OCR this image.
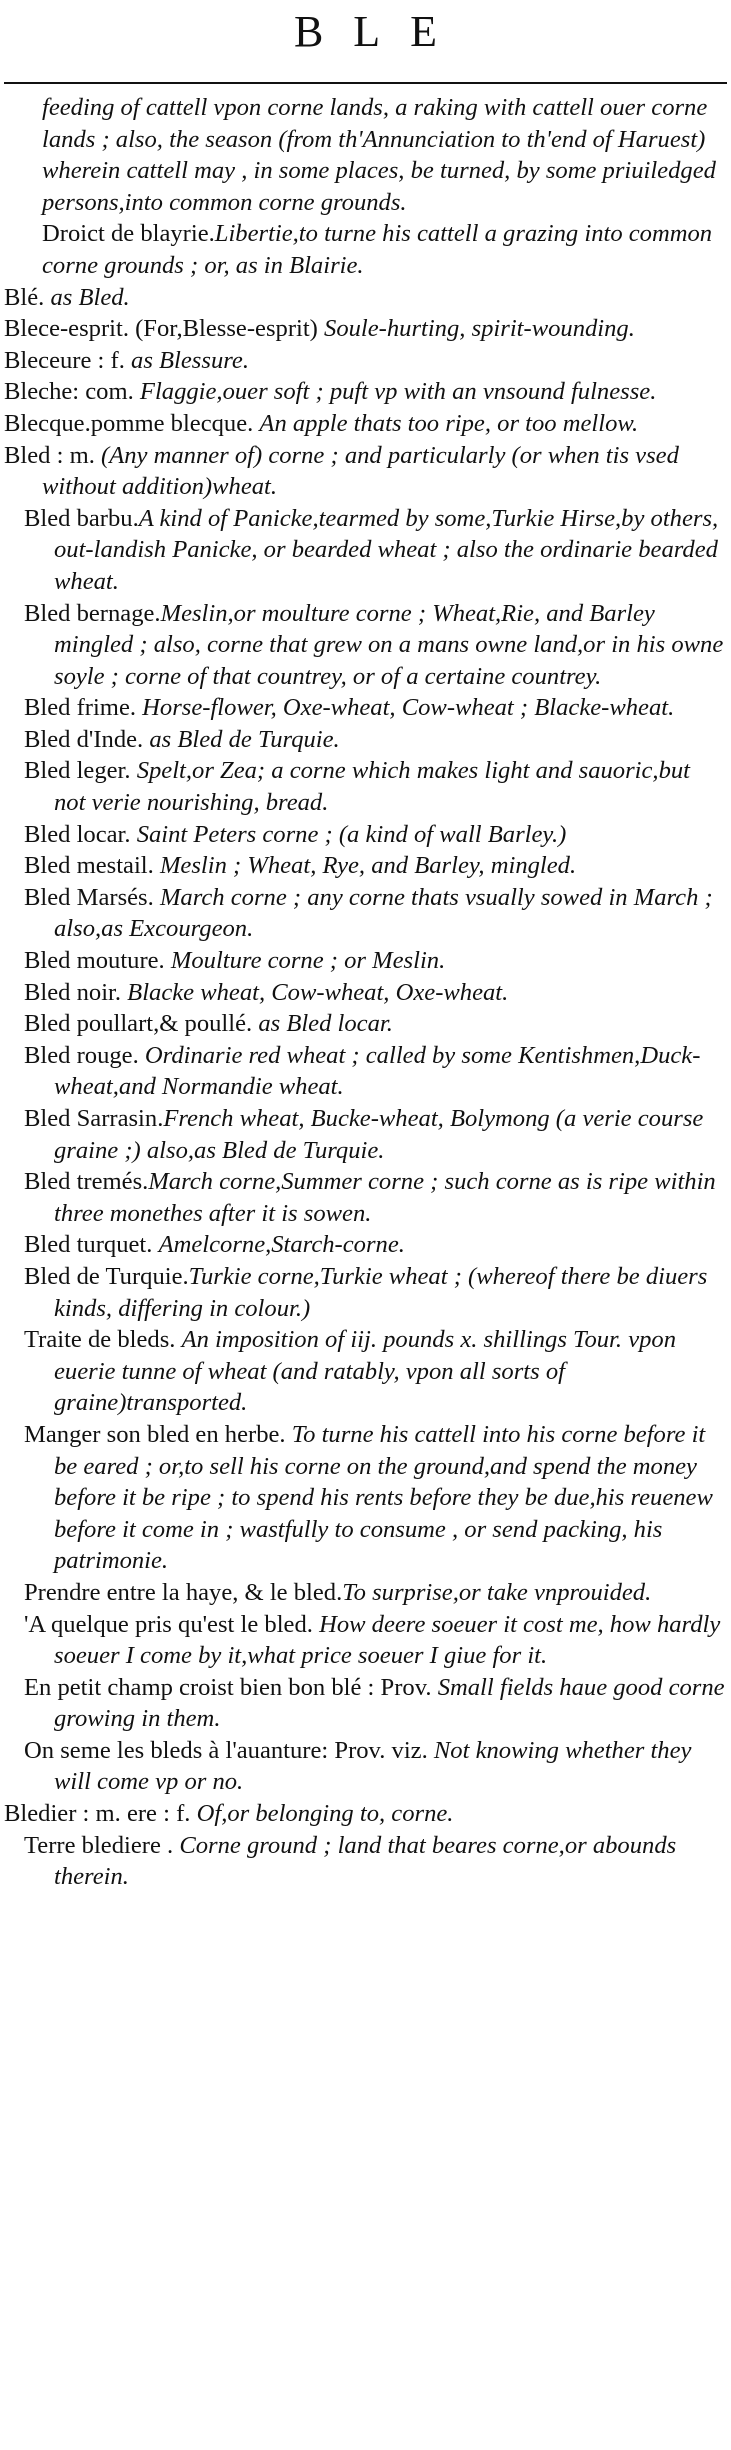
BLE

feeding of cattell vpon corne lands, a raking with cattell ouer corne lands ; also, the season (from th'Annunciation to th'end of Haruest) wherein cattell may , in some places, be turned, by some priuiledged persons,into common corne grounds.

Droict de blayrie.Libertie,to turne his cattell a grazing into common corne grounds ; or, as in Blairie.

Blé. as Bled.

Blece-esprit. (For,Blesse-esprit) Soule-hurting, spirit-wounding.

Bleceure : f. as Blessure.

Bleche: com. Flaggie,ouer soft ; puft vp with an vnsound fulnesse.

Blecque.pomme blecque. An apple thats too ripe, or too mellow.

Bled : m. (Any manner of) corne ; and particularly (or when tis vsed without addition)wheat.

Bled barbu.A kind of Panicke,tearmed by some,Turkie Hirse,by others, out-landish Panicke, or bearded wheat ; also the ordinarie bearded wheat.

Bled bernage.Meslin,or moulture corne ; Wheat,Rie, and Barley mingled ; also, corne that grew on a mans owne land,or in his owne soyle ; corne of that countrey, or of a certaine countrey.

Bled frime. Horse-flower, Oxe-wheat, Cow-wheat ; Blacke-wheat.

Bled d'Inde. as Bled de Turquie.

Bled leger. Spelt,or Zea; a corne which makes light and sauoric,but not verie nourishing, bread.

Bled locar. Saint Peters corne ; (a kind of wall Barley.)

Bled mestail. Meslin ; Wheat, Rye, and Barley, mingled.

Bled Marsés. March corne ; any corne thats vsually sowed in March ; also,as Excourgeon.

Bled mouture. Moulture corne ; or Meslin.

Bled noir. Blacke wheat, Cow-wheat, Oxe-wheat.

Bled poullart,& poullé. as Bled locar.

Bled rouge. Ordinarie red wheat ; called by some Kentishmen,Duck-wheat,and Normandie wheat.

Bled Sarrasin.French wheat, Bucke-wheat, Bolymong (a verie course graine ;) also,as Bled de Turquie.

Bled tremés.March corne,Summer corne ; such corne as is ripe within three monethes after it is sowen.

Bled turquet. Amelcorne,Starch-corne.

Bled de Turquie.Turkie corne,Turkie wheat ; (whereof there be diuers kinds, differing in colour.)

Traite de bleds. An imposition of iij. pounds x. shillings Tour. vpon euerie tunne of wheat (and ratably, vpon all sorts of graine)transported.

Manger son bled en herbe. To turne his cattell into his corne before it be eared ; or,to sell his corne on the ground,and spend the money before it be ripe ; to spend his rents before they be due,his reuenew before it come in ; wastfully to consume , or send packing, his patrimonie.

Prendre entre la haye, & le bled.To surprise,or take vnprouided.

'A quelque pris qu'est le bled. How deere soeuer it cost me, how hardly soeuer I come by it,what price soeuer I giue for it.

En petit champ croist bien bon blé : Prov. Small fields haue good corne growing in them.

On seme les bleds à l'auanture: Prov. viz. Not knowing whether they will come vp or no.

Bledier : m. ere : f. Of,or belonging to, corne.

Terre blediere . Corne ground ; land that beares corne,or abounds therein.
